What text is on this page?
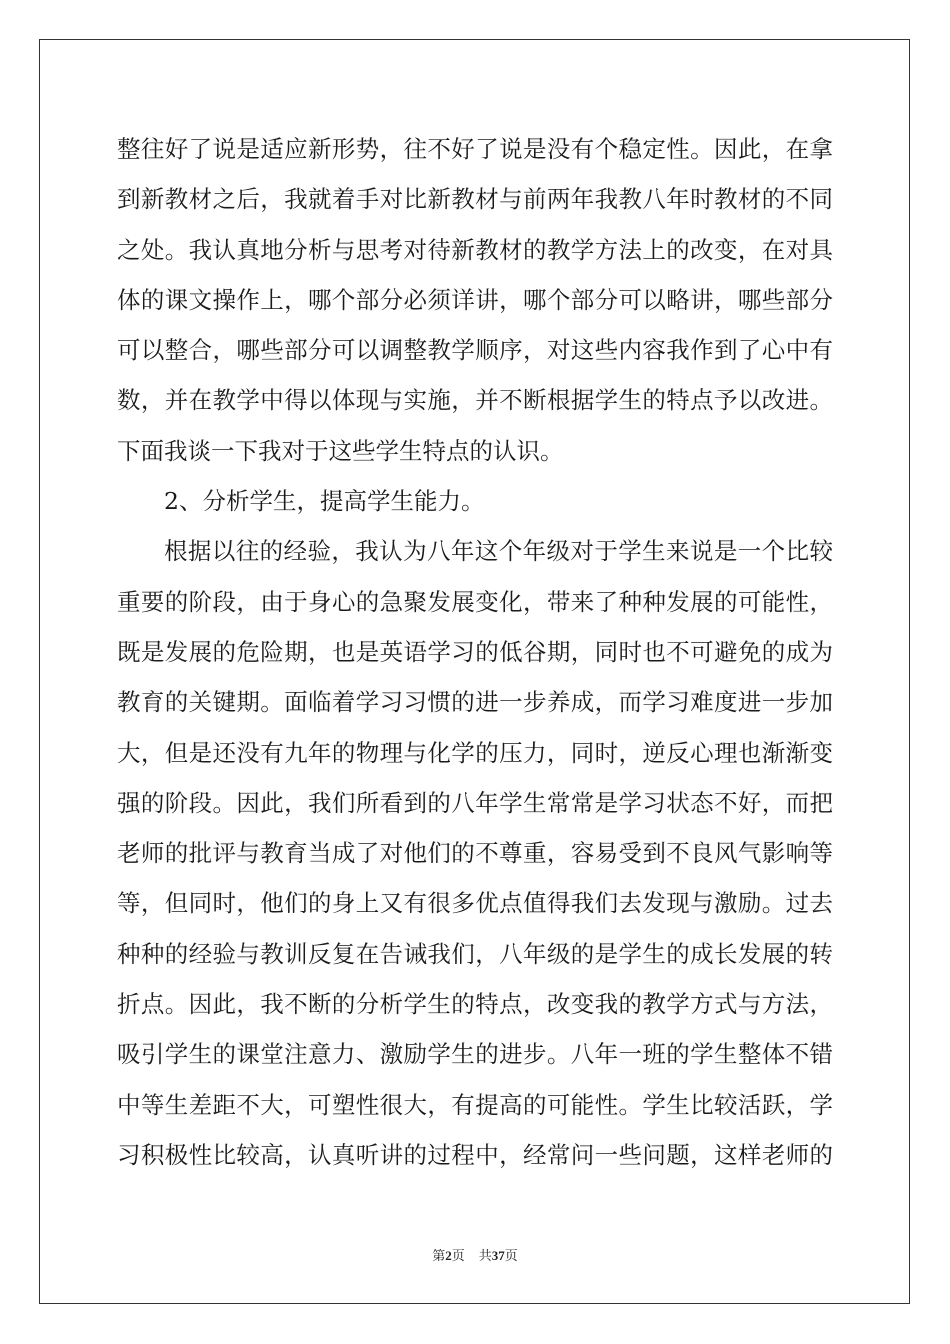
整往好了说是适应新形势，往不好了说是没有个稳定性。因此，在拿
到新教材之后，我就着手对比新教材与前两年我教八年时教材的不同
之处。我认真地分析与思考对待新教材的教学方法上的改变，在对具
体的课文操作上，哪个部分必须详讲，哪个部分可以略讲，哪些部分
可以整合，哪些部分可以调整教学顺序，对这些内容我作到了心中有
数，并在教学中得以体现与实施，并不断根据学生的特点予以改进。
下面我谈一下我对于这些学生特点的认识。
2、分析学生，提高学生能力。
根据以往的经验，我认为八年这个年级对于学生来说是一个比较
重要的阶段，由于身心的急聚发展变化，带来了种种发展的可能性，
既是发展的危险期，也是英语学习的低谷期，同时也不可避免的成为
教育的关键期。面临着学习习惯的进一步养成，而学习难度进一步加
大，但是还没有九年的物理与化学的压力，同时，逆反心理也渐渐变
强的阶段。因此，我们所看到的八年学生常常是学习状态不好，而把
老师的批评与教育当成了对他们的不尊重，容易受到不良风气影响等
等，但同时，他们的身上又有很多优点值得我们去发现与激励。过去
种种的经验与教训反复在告诫我们，八年级的是学生的成长发展的转
折点。因此，我不断的分析学生的特点，改变我的教学方式与方法，
吸引学生的课堂注意力、激励学生的进步。八年一班的学生整体不错
中等生差距不大，可塑性很大，有提高的可能性。学生比较活跃，学
习积极性比较高，认真听讲的过程中，经常问一些问题，这样老师的
第2页 共37页
